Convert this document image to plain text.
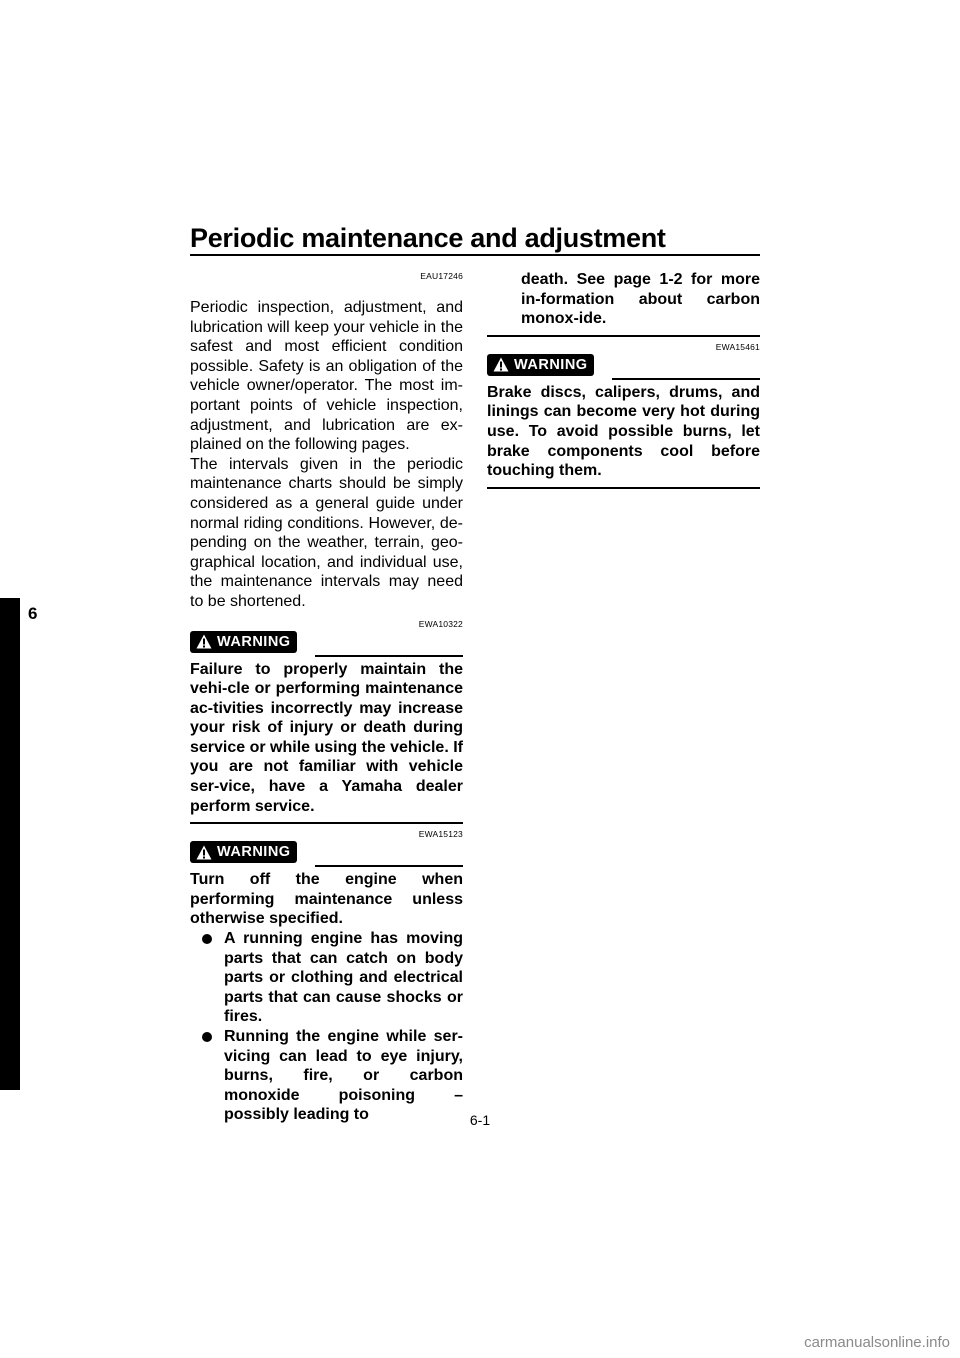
Periodic maintenance and adjustment
6

EAU17246

Periodic inspection, adjustment, and lubrication will keep your vehicle in the safest and most efficient condition possible. Safety is an obligation of the vehicle owner/operator. The most im-portant points of vehicle inspection, adjustment, and lubrication are ex-plained on the following pages.

The intervals given in the periodic maintenance charts should be simply considered as a general guide under normal riding conditions. However, de-pending on the weather, terrain, geo-graphical location, and individual use, the maintenance intervals may need to be shortened.

EWA10322

WARNING

Failure to properly maintain the vehi-cle or performing maintenance ac-tivities incorrectly may increase your risk of injury or death during service or while using the vehicle. If you are not familiar with vehicle ser-vice, have a Yamaha dealer perform service.

EWA15123

WARNING

Turn off the engine when performing maintenance unless otherwise specified.

A running engine has moving parts that can catch on body parts or clothing and electrical parts that can cause shocks or fires.
Running the engine while ser-vicing can lead to eye injury, burns, fire, or carbon monoxide poisoning – possibly leading to

death. See page 1-2 for more in-formation about carbon monox-ide.

EWA15461

WARNING

Brake discs, calipers, drums, and linings can become very hot during use. To avoid possible burns, let brake components cool before touching them.

6-1
carmanualsonline.info
